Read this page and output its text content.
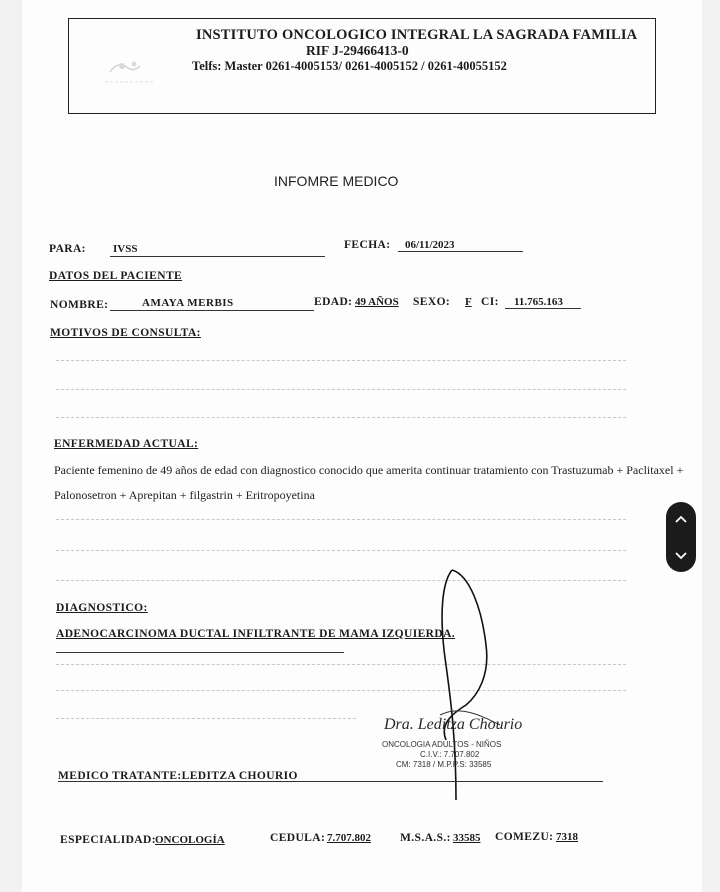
INSTITUTO ONCOLOGICO INTEGRAL LA SAGRADA FAMILIA
RIF J-29466413-0
Telfs: Master 0261-4005153/ 0261-4005152 / 0261-40055152
INFOMRE MEDICO
PARA: IVSS	FECHA: 06/11/2023
DATOS DEL PACIENTE
NOMBRE:	AMAYA MERBIS	EDAD: 49 AÑOS SEXO: F CI: 11.765.163
MOTIVOS DE CONSULTA:
ENFERMEDAD ACTUAL:
Paciente femenino de 49 años de edad con diagnostico conocido que amerita continuar tratamiento con Trastuzumab + Paclitaxel + Palonosetron + Aprepitan + filgastrin + Eritropoyetina
DIAGNOSTICO:
ADENOCARCINOMA DUCTAL INFILTRANTE DE MAMA IZQUIERDA.
Dra. Leditza Chourio
ONCOLOGIA ADULTOS - NIÑOS
C.I.V.: 7.707.802
CM: 7318 / M.P.P.S: 33585
MEDICO TRATANTE:LEDITZA CHOURIO
ESPECIALIDAD: ONCOLOGÍA	CEDULA: 7.707.802	M.S.A.S.: 33585 COMEZU: 7318
